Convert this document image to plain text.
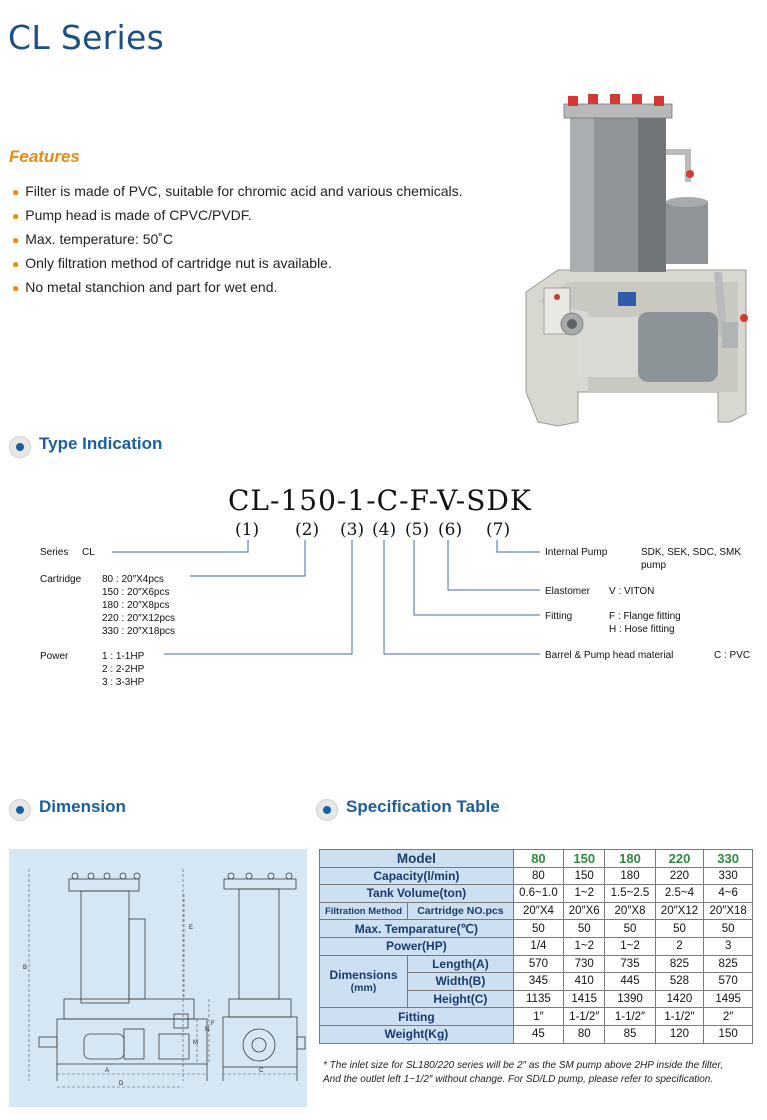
CL Series
Features
● Filter is made of PVC, suitable for chromic acid and various chemicals.
● Pump head is made of CPVC/PVDF.
● Max. temperature: 50˚C
● Only filtration method of cartridge nut is available.
● No metal stanchion and part for wet end.
Type Indication
CL-150-1-C-F-V-SDK
(1) (2) (3) (4) (5) (6) (7)
Series CL
Cartridge 80 : 20″X4pcs
150 : 20″X6pcs
180 : 20″X8pcs
220 : 20″X12pcs
330 : 20″X18pcs
Power	1 : 1-1HP
2 : 2-2HP
3 : 3-3HP
Internal Pump	SDK, SEK, SDC, SMK
pump
Elastomer V : VITON
Fitting	F : Flange fitting
H : Hose fitting
Barrel & Pump head material	C : PVC
Dimension	Specification Table
B
E
M
N
F
A
D
C
Model		80	150	180	220	330
Capacity(l/min)		80	150	180	220	330
Tank Volume(ton)		0.6~1.0	1~2	1.5~2.5	2.5~4	4~6
Filtration Method	Cartridge NO.pcs	20″X4	20″X6	20″X8	20″X12	20″X18
Max. Temparature(℃)		50	50	50	50	50
Power(HP)		1/4	1~2	1~2	2	3

Dimensions
(mm)	Length(A)	570	730	735	825	825
	Width(B)	345	410	445	528	570
	Height(C)	1135	1415	1390	1420	1495
Fitting		1″	1-1/2″	1-1/2″	1-1/2″	2″
Weight(Kg)		45	80	85	120	150
* The inlet size for SL180/220 series will be 2″ as the SM pump above 2HP inside the filter, And the outlet left 1~1/2″ without change. For SD/LD pump, please refer to specification.
